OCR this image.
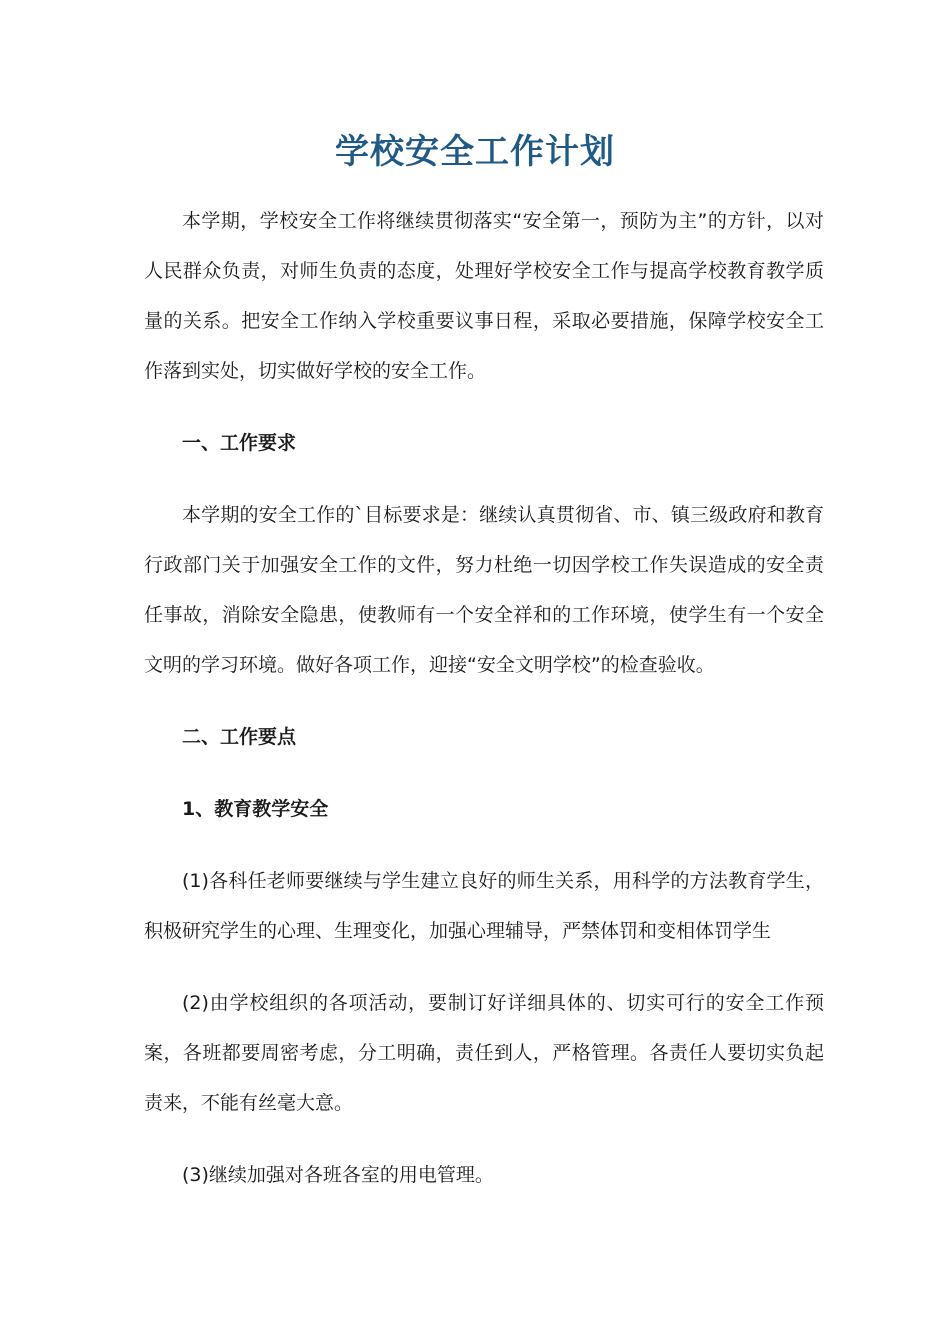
学校安全工作计划

本学期，学校安全工作将继续贯彻落实“安全第一，预防为主”的方针，以对人民群众负责，对师生负责的态度，处理好学校安全工作与提高学校教育教学质量的关系。把安全工作纳入学校重要议事日程，采取必要措施，保障学校安全工作落到实处，切实做好学校的安全工作。

一、工作要求

本学期的安全工作的`目标要求是：继续认真贯彻省、市、镇三级政府和教育行政部门关于加强安全工作的文件，努力杜绝一切因学校工作失误造成的安全责任事故，消除安全隐患，使教师有一个安全祥和的工作环境，使学生有一个安全文明的学习环境。做好各项工作，迎接“安全文明学校”的检查验收。

二、工作要点

1、教育教学安全

(1)各科任老师要继续与学生建立良好的师生关系，用科学的方法教育学生，积极研究学生的心理、生理变化，加强心理辅导，严禁体罚和变相体罚学生

(2)由学校组织的各项活动，要制订好详细具体的、切实可行的安全工作预案，各班都要周密考虑，分工明确，责任到人，严格管理。各责任人要切实负起责来，不能有丝毫大意。

(3)继续加强对各班各室的用电管理。
